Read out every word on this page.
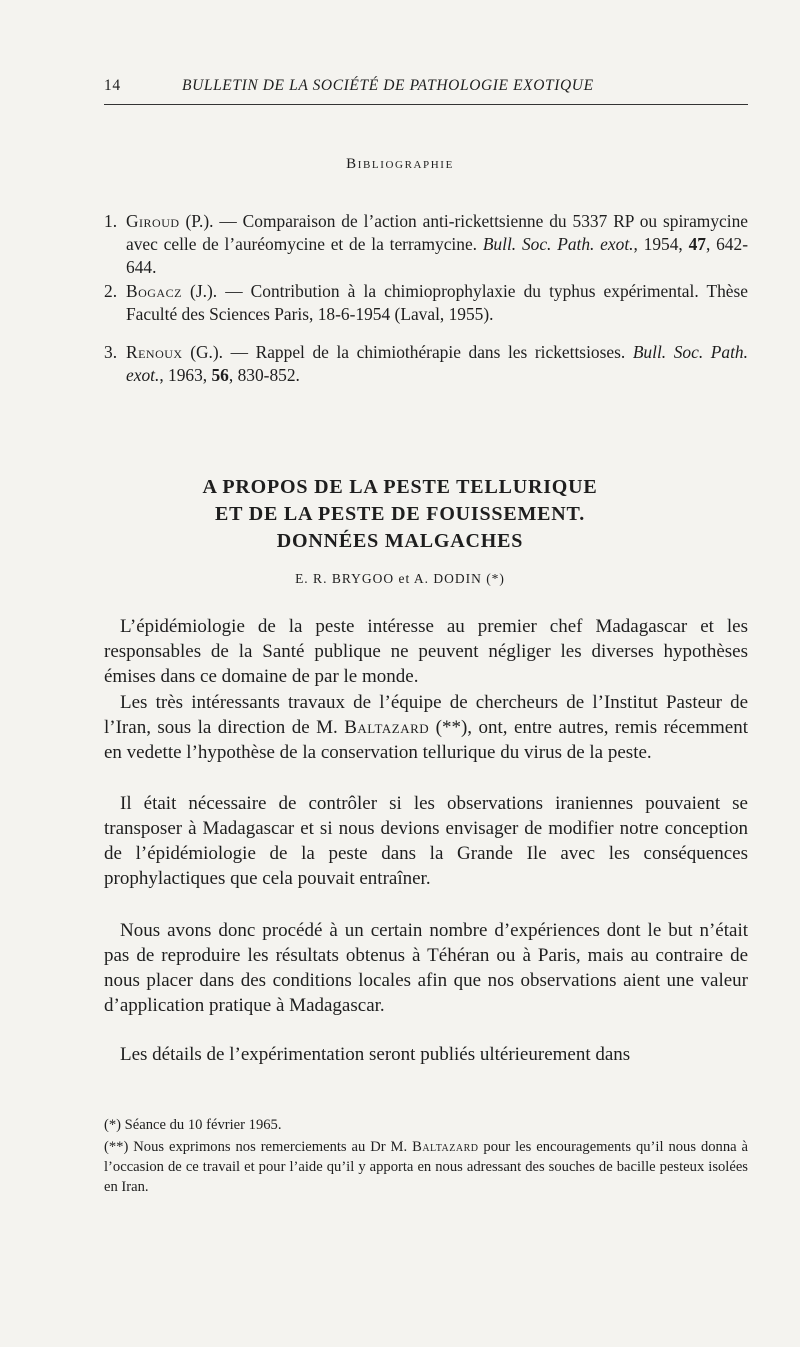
14	BULLETIN DE LA SOCIÉTÉ DE PATHOLOGIE EXOTIQUE
Bibliographie
1. Giroud (P.). — Comparaison de l’action anti-rickettsienne du 5337 RP ou spiramycine avec celle de l’auréomycine et de la terramycine. Bull. Soc. Path. exot., 1954, 47, 642-644.
2. Bogacz (J.). — Contribution à la chimioprophylaxie du typhus expérimental. Thèse Faculté des Sciences Paris, 18-6-1954 (Laval, 1955).
3. Renoux (G.). — Rappel de la chimiothérapie dans les rickettsioses. Bull. Soc. Path. exot., 1963, 56, 830-852.
A PROPOS DE LA PESTE TELLURIQUE
ET DE LA PESTE DE FOUISSEMENT.
DONNÉES MALGACHES
E. R. BRYGOO et A. DODIN (*)
L’épidémiologie de la peste intéresse au premier chef Madagascar et les responsables de la Santé publique ne peuvent négliger les diverses hypothèses émises dans ce domaine de par le monde.
Les très intéressants travaux de l’équipe de chercheurs de l’Institut Pasteur de l’Iran, sous la direction de M. Baltazard (**), ont, entre autres, remis récemment en vedette l’hypothèse de la conservation tellurique du virus de la peste.
Il était nécessaire de contrôler si les observations iraniennes pouvaient se transposer à Madagascar et si nous devions envisager de modifier notre conception de l’épidémiologie de la peste dans la Grande Ile avec les conséquences prophylactiques que cela pouvait entraîner.
Nous avons donc procédé à un certain nombre d’expériences dont le but n’était pas de reproduire les résultats obtenus à Téhéran ou à Paris, mais au contraire de nous placer dans des conditions locales afin que nos observations aient une valeur d’application pratique à Madagascar.
Les détails de l’expérimentation seront publiés ultérieurement dans
(*) Séance du 10 février 1965.
(**) Nous exprimons nos remerciements au Dr M. Baltazard pour les encouragements qu’il nous donna à l’occasion de ce travail et pour l’aide qu’il y apporta en nous adressant des souches de bacille pesteux isolées en Iran.
